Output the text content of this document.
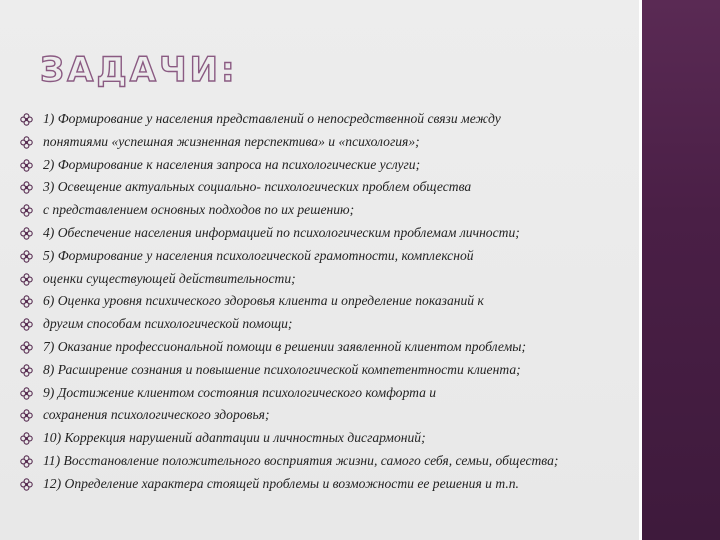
ЗАДАЧИ:
1) Формирование у населения представлений о непосредственной связи между
понятиями «успешная жизненная перспектива» и «психология»;
2) Формирование к населения запроса на психологические услуги;
3) Освещение актуальных социально- психологических проблем общества
с представлением основных подходов по их решению;
4) Обеспечение населения информацией по психологическим проблемам личности;
5) Формирование у населения психологической грамотности, комплексной
оценки существующей действительности;
6) Оценка уровня психического здоровья клиента и определение показаний к
другим способам психологической помощи;
7) Оказание профессиональной помощи в решении заявленной клиентом проблемы;
8) Расширение сознания и повышение психологической компетентности клиента;
9) Достижение клиентом состояния психологического комфорта и
сохранения психологического здоровья;
10) Коррекция нарушений адаптации и личностных дисгармоний;
11) Восстановление положительного восприятия жизни, самого себя, семьи, общества;
12) Определение характера стоящей проблемы и возможности ее решения и т.п.
